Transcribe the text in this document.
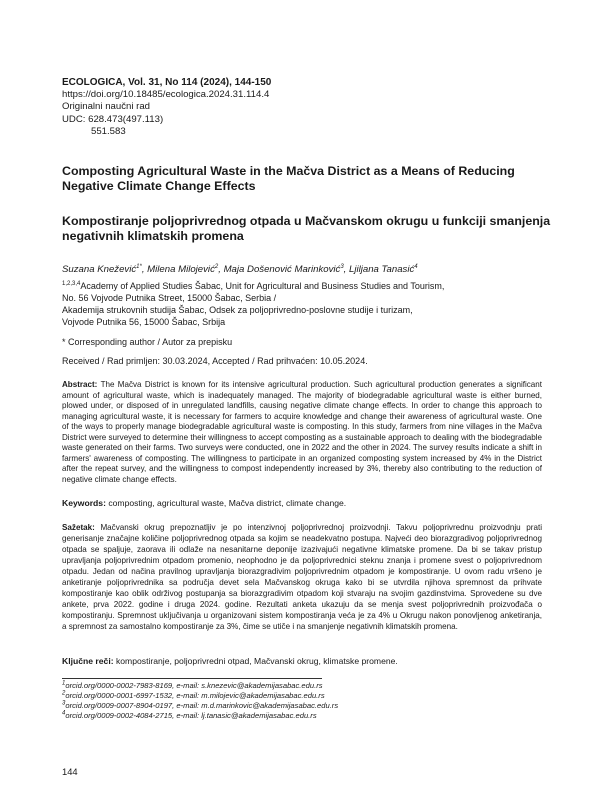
ECOLOGICA, Vol. 31, No 114 (2024), 144-150
https://doi.org/10.18485/ecologica.2024.31.114.4
Originalni naučni rad
UDC: 628.473(497.113)
551.583
Composting Agricultural Waste in the Mačva District as a Means of Reducing Negative Climate Change Effects
Kompostiranje poljoprivrednog otpada u Mačvanskom okrugu u funkciji smanjenja negativnih klimatskih promena
Suzana Knežević$^{1*}$, Milena Milojević$^2$, Maja Došenović Marinković$^3$, Ljiljana Tanasić$^4$
$^{1,2,3,4}$Academy of Applied Studies Šabac, Unit for Agricultural and Business Studies and Tourism,
No. 56 Vojvode Putnika Street, 15000 Šabac, Serbia /
Akademija strukovnih studija Šabac, Odsek za poljoprivredno-poslovne studije i turizam,
Vojvode Putnika 56, 15000 Šabac, Srbija
* Corresponding author / Autor za prepisku
Received / Rad primljen: 30.03.2024, Accepted / Rad prihvaćen: 10.05.2024.
Abstract: The Mačva District is known for its intensive agricultural production. Such agricultural production generates a significant amount of agricultural waste, which is inadequately managed. The majority of biodegradable agricultural waste is either burned, plowed under, or disposed of in unregulated landfills, causing negative climate change effects. In order to change this approach to managing agricultural waste, it is necessary for farmers to acquire knowledge and change their awareness of agricultural waste. One of the ways to properly manage biodegradable agricultural waste is composting. In this study, farmers from nine villages in the Mačva District were surveyed to determine their willingness to accept composting as a sustainable approach to dealing with the biodegradable waste generated on their farms. Two surveys were conducted, one in 2022 and the other in 2024. The survey results indicate a shift in farmers' awareness of composting. The willingness to participate in an organized composting system increased by 4% in the District after the repeat survey, and the willingness to compost independently increased by 3%, thereby also contributing to the reduction of negative climate change effects.
Keywords: composting, agricultural waste, Mačva district, climate change.
Sažetak: Mačvanski okrug prepoznatljiv je po intenzivnoj poljoprivrednoj proizvodnji. Takvu poljoprivrednu proizvodnju prati generisanje značajne količine poljoprivrednog otpada sa kojim se neadekvatno postupa. Najveći deo biorazgradivog poljoprivrednog otpada se spaljuje, zaorava ili odlaže na nesanitarne deponije izazivajući negativne klimatske promene. Da bi se takav pristup upravljanja poljoprivrednim otpadom promenio, neophodno je da poljoprivrednici steknu znanja i promene svest o poljoprivrednom otpadu. Jedan od načina pravilnog upravljanja biorazgradivim poljoprivrednim otpadom je kompostiranje. U ovom radu vršeno je anketiranje poljoprivrednika sa područja devet sela Mačvanskog okruga kako bi se utvrdila njihova spremnost da prihvate kompostiranje kao oblik održivog postupanja sa biorazgradivim otpadom koji stvaraju na svojim gazdinstvima. Sprovedene su dve ankete, prva 2022. godine i druga 2024. godine. Rezultati anketa ukazuju da se menja svest poljoprivrednih proizvođača o kompostiranju. Spremnost uključivanja u organizovani sistem kompostiranja veća je za 4% u Okrugu nakon ponovljenog anketiranja, a spremnost za samostalno kompostiranje za 3%, čime se utiče i na smanjenje negativnih klimatskih promena.
Ključne reči: kompostiranje, poljoprivredni otpad, Mačvanski okrug, klimatske promene.
$^1$orcid.org/0000-0002-7983-8169, e-mail: s.knezevic@akademijasabac.edu.rs
$^2$orcid.org/0000-0001-6997-1532, e-mail: m.milojevic@akademijasabac.edu.rs
$^3$orcid.org/0009-0007-8904-0197, e-mail: m.d.marinkovic@akademijasabac.edu.rs
$^4$orcid.org/0009-0002-4084-2715, e-mail: lj.tanasic@akademijasabac.edu.rs
144
